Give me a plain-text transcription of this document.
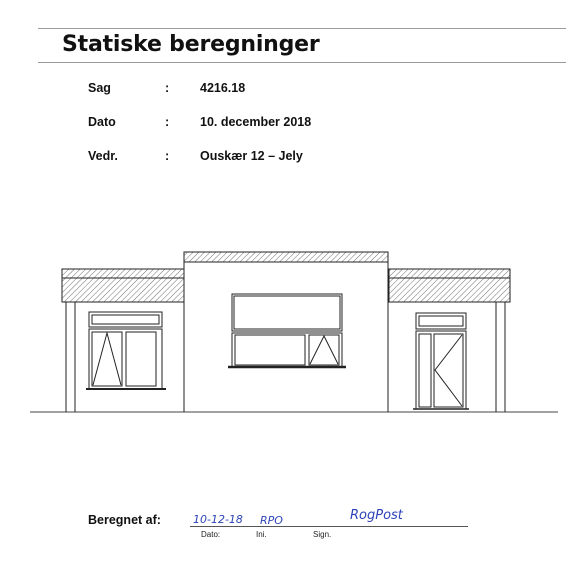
Statiske beregninger
Sag	: 4216.18
Dato	: 10. december 2018
Vedr.	: Ouskær 12 – Jely
Beregnet af:	10-12-18 RPO	RogPost
Dato:	Ini.	Sign.
